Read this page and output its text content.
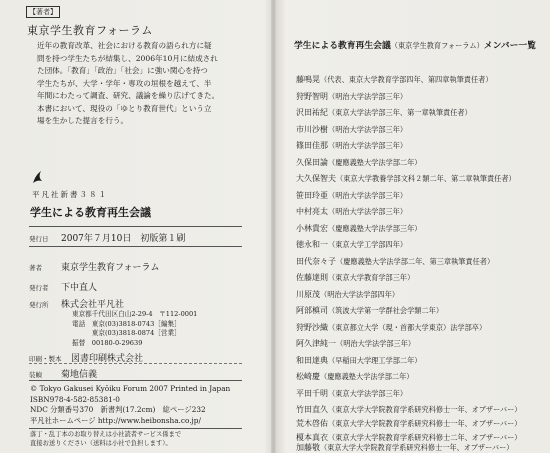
【著者】
東京学生教育フォーラム
近年の教育改革、社会における教育の語られ方に疑
問を持つ学生たちが結集し、2006年10月に結成され
た団体。「教育」「政治」「社会」に強い関心を持つ
学生たちが、大学・学年・専攻の垣根を越えて、半
年間にわたって調査、研究、議論を繰り広げてきた。
本書において、現役の「ゆとり教育世代」という立
場を生かした提言を行う。
平凡社新書３８１
学生による教育再生会議
発行日 2007年７月10日　初版第１刷
著者 東京学生教育フォーラム
発行者 下中直人
発行所 株式会社平凡社
東京都千代田区白山2-29-4　〒112-0001
電話　東京(03)3818-0743［編集］
　　　東京(03)3818-0874［営業］
振替　00180-0-29639
印刷・製本 図書印刷株式会社
装幀 菊地信義
© Tokyo Gakusei Kyōiku Forum 2007 Printed in Japan
ISBN978-4-582-85381-0
NDC 分類番号370　新書判(17.2cm)　総ページ232
平凡社ホームページ http://www.heibonsha.co.jp/
落丁・乱丁本のお取り替えは小社読者サービス係まで
直接お送りください（送料は小社で負担します）。
学生による教育再生会議（東京学生教育フォーラム）メンバー一覧
藤鳴晃（代表、東京大学教育学部四年、第四章執筆責任者）
狩野智明（明治大学法学部三年）
沢田祐紀（東京大学法学部三年、第一章執筆責任者）
市川沙樹（明治大学法学部三年）
篠田佳那（明治大学法学部三年）
久保田論（慶應義塾大学法学部二年）
大久保智夫（東京大学教養学部文科２類二年、第二章執筆責任者）
笹田玲亜（明治大学法学部三年）
中村亮太（明治大学法学部三年）
小林貴宏（慶應義塾大学法学部三年）
徳永和一（東京大学工学部四年）
田代奈々子（慶應義塾大学法学部二年、第三章執筆責任者）
佐藤達則（東京大学教育学部三年）
川原茂（明治大学法学部四年）
阿部槙司（筑波大学第一学群社会学類二年）
狩野沙織（東京都立大学（現・首都大学東京）法学部卒）
阿久津純一（明治大学法学部三年）
和田達典（早稲田大学理工学部二年）
松崎慶（慶應義塾大学法学部二年）
平田千明（東京大学法学部三年）
竹田直久（東京大学大学院教育学系研究科修士一年、オブザーバー）
荒木啓佑（東京大学大学院教育学系研究科修士一年、オブザーバー）
榎本真衣（東京大学大学院教育学系研究科修士二年、オブザーバー）
加藤敬（東京大学大学院教育学系研究科修士一年、オブザーバー）
